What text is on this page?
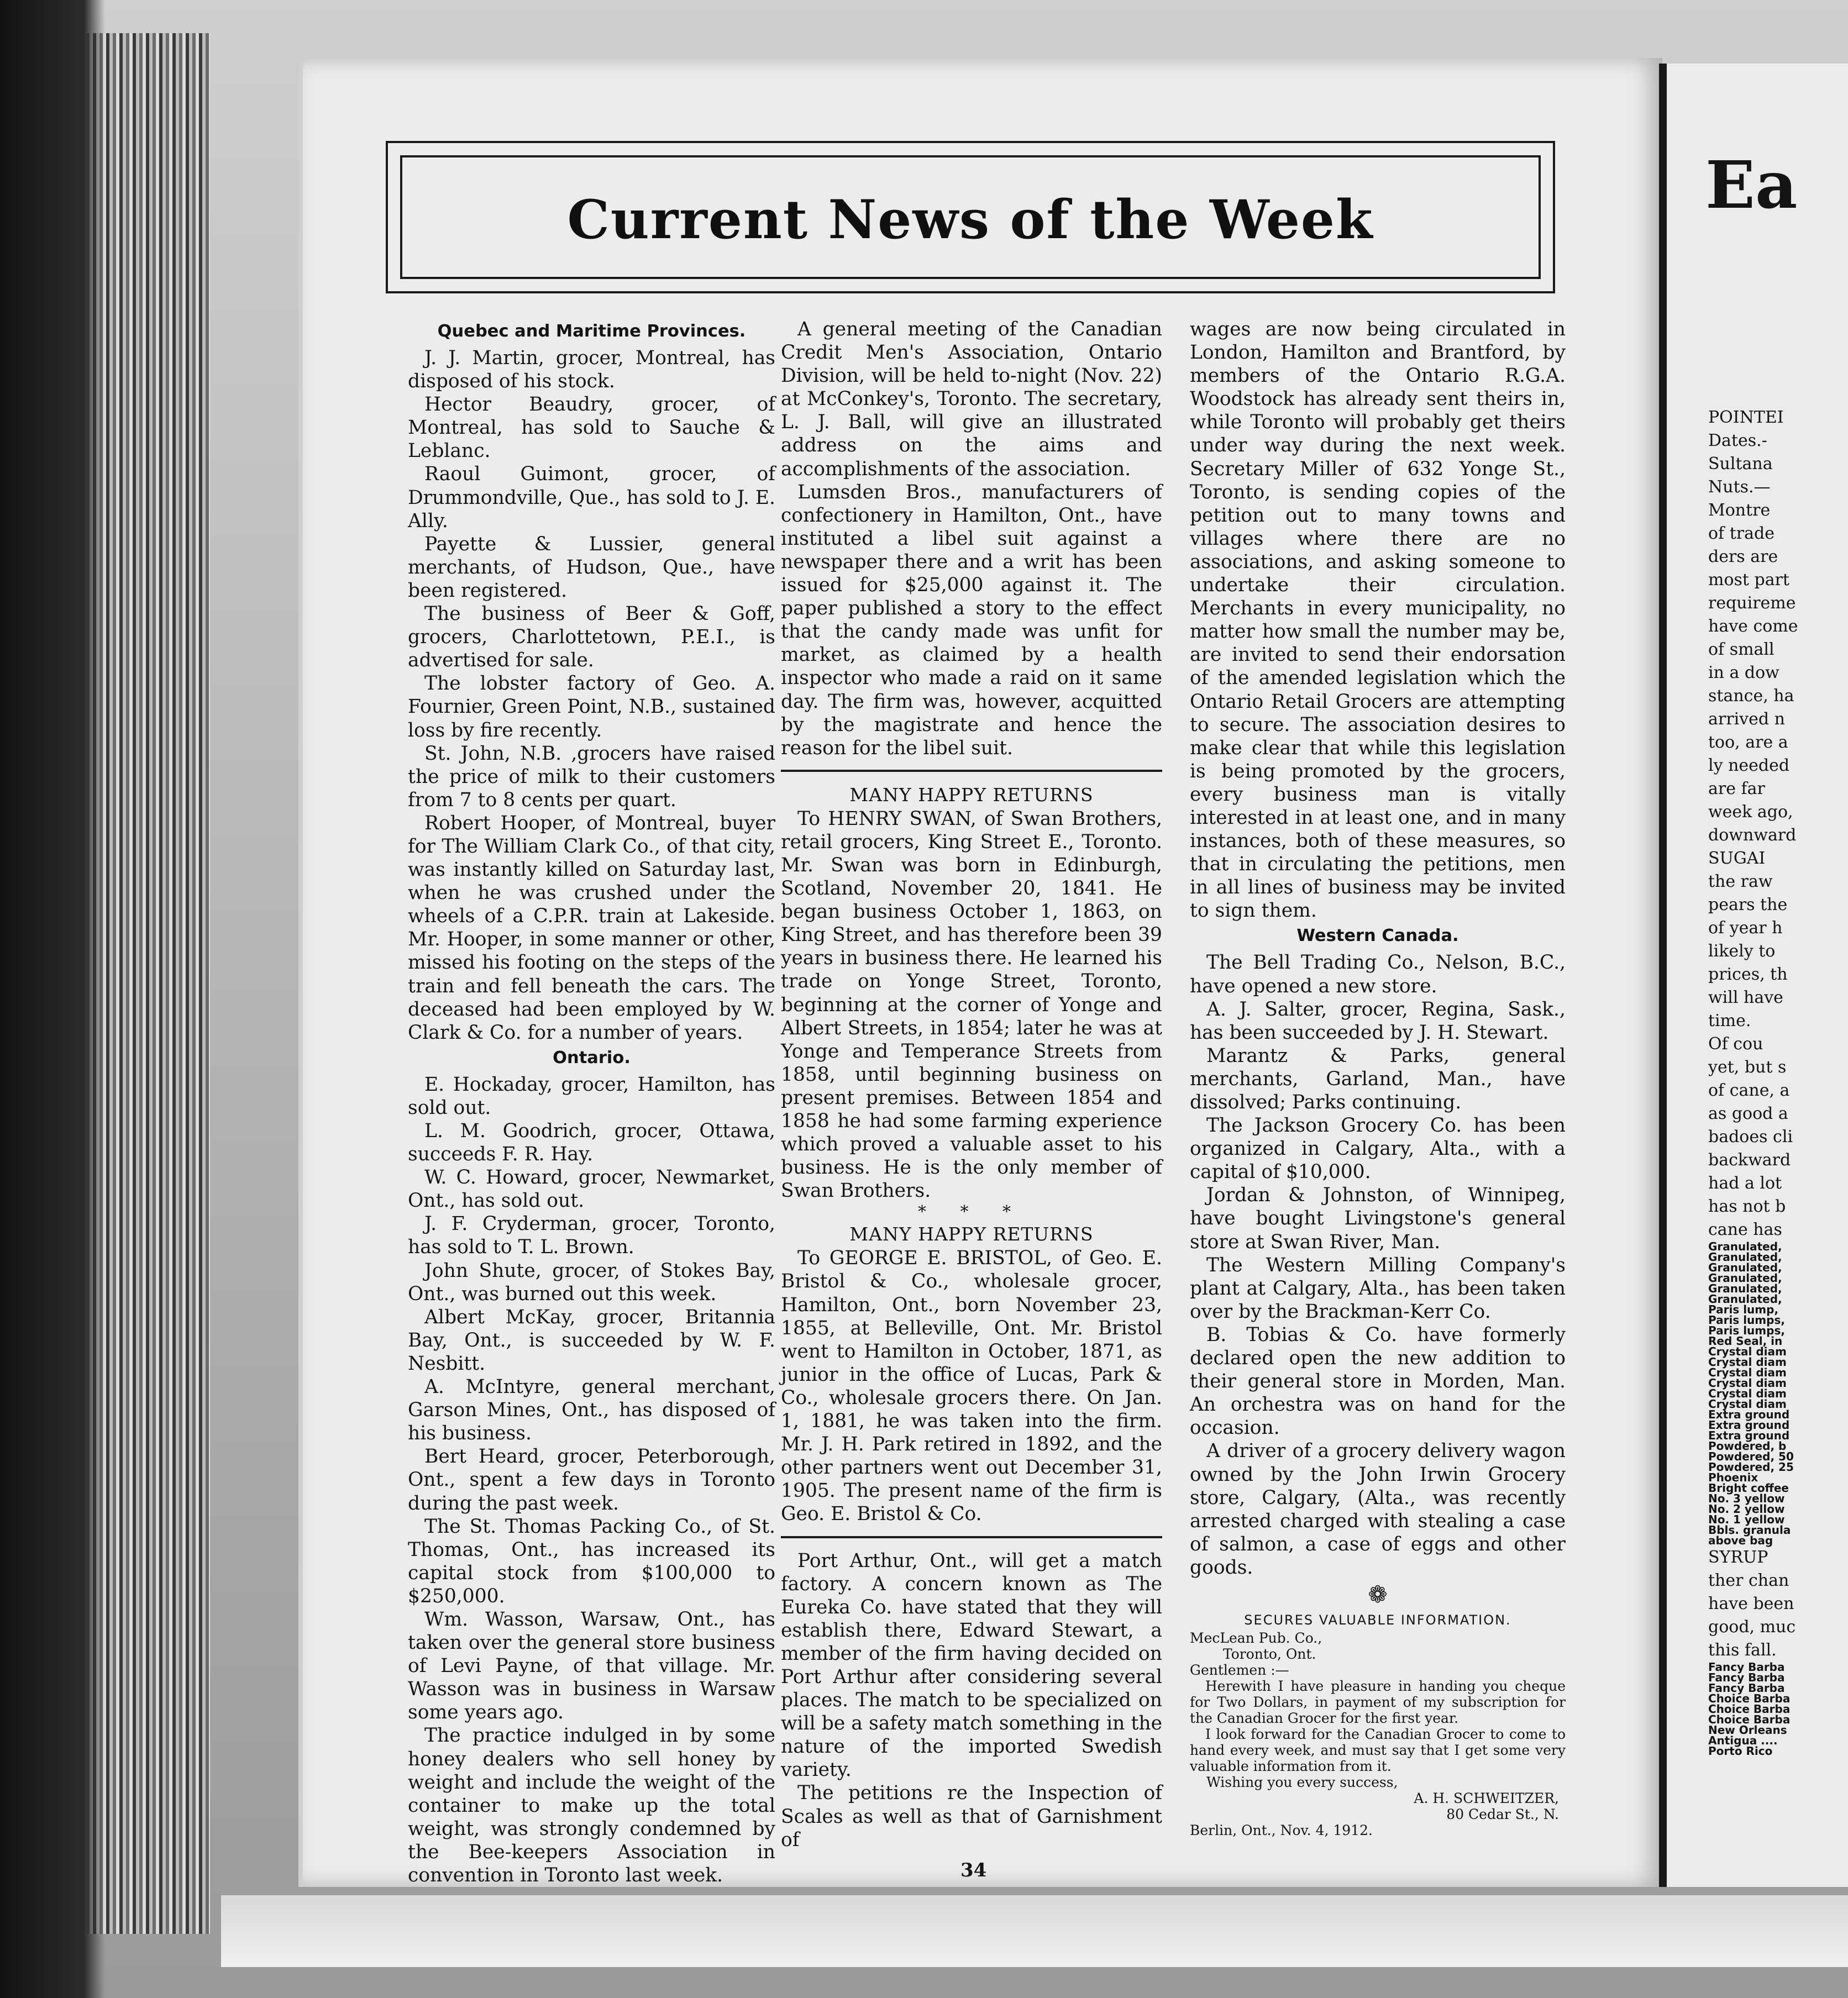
Current News of the Week
Quebec and Maritime Provinces.

J. J. Martin, grocer, Montreal, has disposed of his stock.

Hector Beaudry, grocer, of Montreal, has sold to Sauche & Leblanc.

Raoul Guimont, grocer, of Drummondville, Que., has sold to J. E. Ally.

Payette & Lussier, general merchants, of Hudson, Que., have been registered.

The business of Beer & Goff, grocers, Charlottetown, P.E.I., is advertised for sale.

The lobster factory of Geo. A. Fournier, Green Point, N.B., sustained loss by fire recently.

St. John, N.B. ,grocers have raised the price of milk to their customers from 7 to 8 cents per quart.

Robert Hooper, of Montreal, buyer for The William Clark Co., of that city, was instantly killed on Saturday last, when he was crushed under the wheels of a C.P.R. train at Lakeside. Mr. Hooper, in some manner or other, missed his footing on the steps of the train and fell beneath the cars. The deceased had been employed by W. Clark & Co. for a number of years.

Ontario.

E. Hockaday, grocer, Hamilton, has sold out.

L. M. Goodrich, grocer, Ottawa, succeeds F. R. Hay.

W. C. Howard, grocer, Newmarket, Ont., has sold out.

J. F. Cryderman, grocer, Toronto, has sold to T. L. Brown.

John Shute, grocer, of Stokes Bay, Ont., was burned out this week.

Albert McKay, grocer, Britannia Bay, Ont., is succeeded by W. F. Nesbitt.

A. McIntyre, general merchant, Garson Mines, Ont., has disposed of his business.

Bert Heard, grocer, Peterborough, Ont., spent a few days in Toronto during the past week.

The St. Thomas Packing Co., of St. Thomas, Ont., has increased its capital stock from $100,000 to $250,000.

Wm. Wasson, Warsaw, Ont., has taken over the general store business of Levi Payne, of that village. Mr. Wasson was in business in Warsaw some years ago.

The practice indulged in by some honey dealers who sell honey by weight and include the weight of the container to make up the total weight, was strongly condemned by the Bee-keepers Association in convention in Toronto last week.

A general meeting of the Canadian Credit Men's Association, Ontario Division, will be held to-night (Nov. 22) at McConkey's, Toronto. The secretary, L. J. Ball, will give an illustrated address on the aims and accomplishments of the association.

Lumsden Bros., manufacturers of confectionery in Hamilton, Ont., have instituted a libel suit against a newspaper there and a writ has been issued for $25,000 against it. The paper published a story to the effect that the candy made was unfit for market, as claimed by a health inspector who made a raid on it same day. The firm was, however, acquitted by the magistrate and hence the reason for the libel suit.

MANY HAPPY RETURNS

To HENRY SWAN, of Swan Brothers, retail grocers, King Street E., Toronto. Mr. Swan was born in Edinburgh, Scotland, November 20, 1841. He began business October 1, 1863, on King Street, and has therefore been 39 years in business there. He learned his trade on Yonge Street, Toronto, beginning at the corner of Yonge and Albert Streets, in 1854; later he was at Yonge and Temperance Streets from 1858, until beginning business on present premises. Between 1854 and 1858 he had some farming experience which proved a valuable asset to his business. He is the only member of Swan Brothers.

* * *

MANY HAPPY RETURNS

To GEORGE E. BRISTOL, of Geo. E. Bristol & Co., wholesale grocer, Hamilton, Ont., born November 23, 1855, at Belleville, Ont. Mr. Bristol went to Hamilton in October, 1871, as junior in the office of Lucas, Park & Co., wholesale grocers there. On Jan. 1, 1881, he was taken into the firm. Mr. J. H. Park retired in 1892, and the other partners went out December 31, 1905. The present name of the firm is Geo. E. Bristol & Co.

Port Arthur, Ont., will get a match factory. A concern known as The Eureka Co. have stated that they will establish there, Edward Stewart, a member of the firm having decided on Port Arthur after considering several places. The match to be specialized on will be a safety match something in the nature of the imported Swedish variety.

The petitions re the Inspection of Scales as well as that of Garnishment of

wages are now being circulated in London, Hamilton and Brantford, by members of the Ontario R.G.A. Woodstock has already sent theirs in, while Toronto will probably get theirs under way during the next week. Secretary Miller of 632 Yonge St., Toronto, is sending copies of the petition out to many towns and villages where there are no associations, and asking someone to undertake their circulation. Merchants in every municipality, no matter how small the number may be, are invited to send their endorsation of the amended legislation which the Ontario Retail Grocers are attempting to secure. The association desires to make clear that while this legislation is being promoted by the grocers, every business man is vitally interested in at least one, and in many instances, both of these measures, so that in circulating the petitions, men in all lines of business may be invited to sign them.

Western Canada.

The Bell Trading Co., Nelson, B.C., have opened a new store.

A. J. Salter, grocer, Regina, Sask., has been succeeded by J. H. Stewart.

Marantz & Parks, general merchants, Garland, Man., have dissolved; Parks continuing.

The Jackson Grocery Co. has been organized in Calgary, Alta., with a capital of $10,000.

Jordan & Johnston, of Winnipeg, have bought Livingstone's general store at Swan River, Man.

The Western Milling Company's plant at Calgary, Alta., has been taken over by the Brackman-Kerr Co.

B. Tobias & Co. have formerly declared open the new addition to their general store in Morden, Man. An orchestra was on hand for the occasion.

A driver of a grocery delivery wagon owned by the John Irwin Grocery store, Calgary, (Alta., was recently arrested charged with stealing a case of salmon, a case of eggs and other goods.

❁

SECURES VALUABLE INFORMATION.

MecLean Pub. Co.,

Toronto, Ont.

Gentlemen :—

Herewith I have pleasure in handing you cheque for Two Dollars, in payment of my subscription for the Canadian Grocer for the first year.

I look forward for the Canadian Grocer to come to hand every week, and must say that I get some very valuable information from it.

Wishing you every success,

A. H. SCHWEITZER,

80 Cedar St., N.

Berlin, Ont., Nov. 4, 1912.

34
Ea
POINTEI
Dates.-
Sultana
Nuts.—
Montre
of trade
ders are
most part
requireme
have come
of small
in a dow
stance, ha
arrived n
too, are a
ly needed
are far
week ago,
downward
SUGAI
the raw
pears the
of year h
likely to
prices, th
will have
time.
Of cou
yet, but s
of cane, a
as good a
badoes cli
backward
had a lot
has not b
cane has
Granulated,
Granulated,
Granulated,
Granulated,
Granulated,
Granulated,
Paris lump,
Paris lumps,
Paris lumps,
Red Seal, in
Crystal diam
Crystal diam
Crystal diam
Crystal diam
Crystal diam
Crystal diam
Extra ground
Extra ground
Extra ground
Powdered, b
Powdered, 50
Powdered, 25
Phoenix
Bright coffee
No. 3 yellow
No. 2 yellow
No. 1 yellow
Bbls. granula
above bag
SYRUP
ther chan
have been
good, muc
this fall.
Fancy Barba
Fancy Barba
Fancy Barba
Choice Barba
Choice Barba
Choice Barba
New Orleans
Antigua ....
Porto Rico
